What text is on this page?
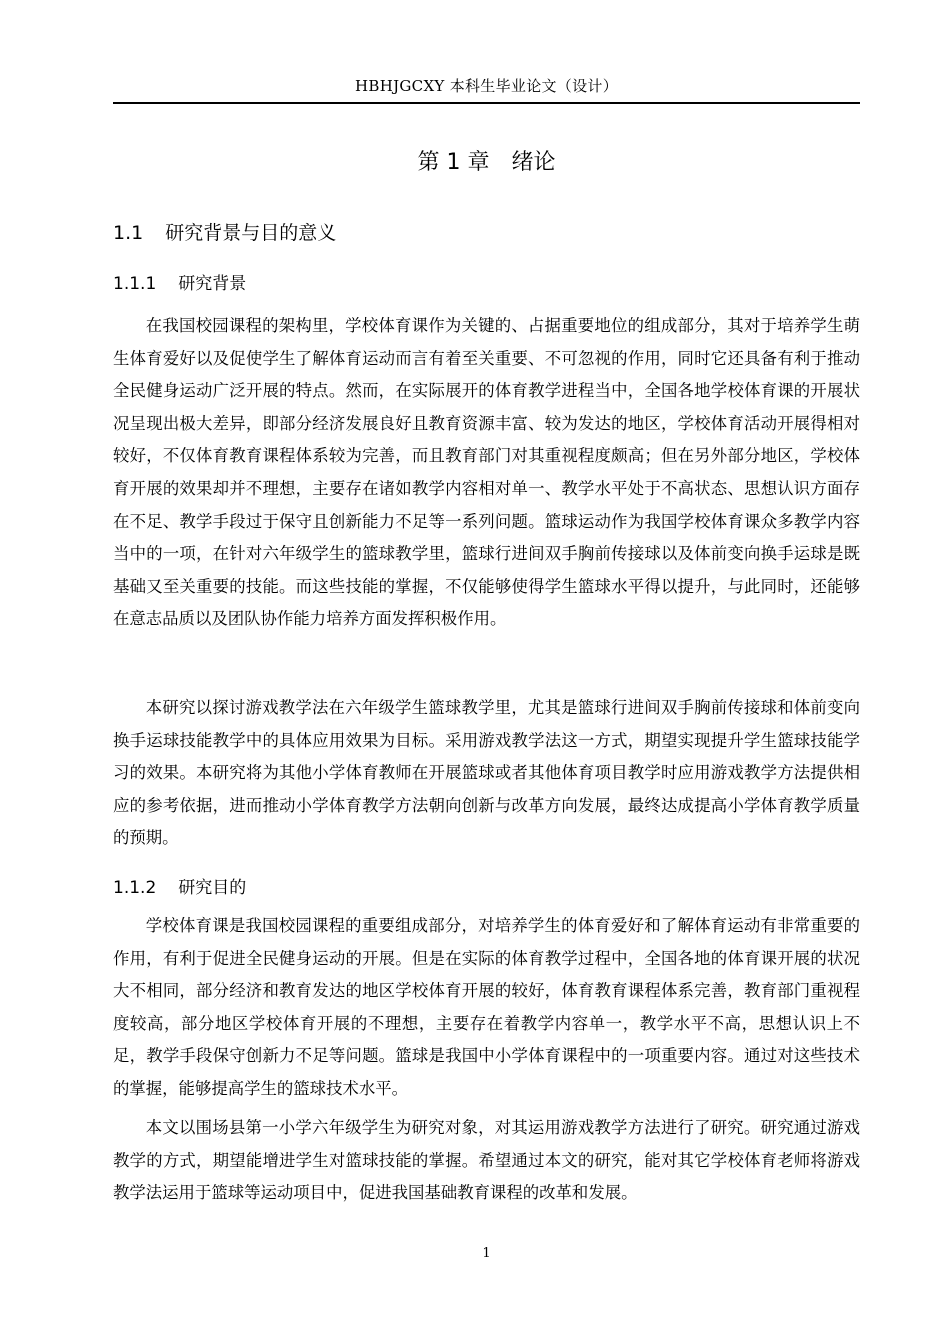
HBHJGCXY 本科生毕业论文（设计）
第 1 章　绪论
1.1 研究背景与目的意义
1.1.1 研究背景

在我国校园课程的架构里，学校体育课作为关键的、占据重要地位的组成部分，其对于培养学生萌生体育爱好以及促使学生了解体育运动而言有着至关重要、不可忽视的作用，同时它还具备有利于推动全民健身运动广泛开展的特点。然而，在实际展开的体育教学进程当中，全国各地学校体育课的开展状况呈现出极大差异，即部分经济发展良好且教育资源丰富、较为发达的地区，学校体育活动开展得相对较好，不仅体育教育课程体系较为完善，而且教育部门对其重视程度颇高；但在另外部分地区，学校体育开展的效果却并不理想，主要存在诸如教学内容相对单一、教学水平处于不高状态、思想认识方面存在不足、教学手段过于保守且创新能力不足等一系列问题。篮球运动作为我国学校体育课众多教学内容当中的一项，在针对六年级学生的篮球教学里，篮球行进间双手胸前传接球以及体前变向换手运球是既基础又至关重要的技能。而这些技能的掌握，不仅能够使得学生篮球水平得以提升，与此同时，还能够在意志品质以及团队协作能力培养方面发挥积极作用。

本研究以探讨游戏教学法在六年级学生篮球教学里，尤其是篮球行进间双手胸前传接球和体前变向换手运球技能教学中的具体应用效果为目标。采用游戏教学法这一方式，期望实现提升学生篮球技能学习的效果。本研究将为其他小学体育教师在开展篮球或者其他体育项目教学时应用游戏教学方法提供相应的参考依据，进而推动小学体育教学方法朝向创新与改革方向发展，最终达成提高小学体育教学质量的预期。

1.1.2 研究目的

学校体育课是我国校园课程的重要组成部分，对培养学生的体育爱好和了解体育运动有非常重要的作用，有利于促进全民健身运动的开展。但是在实际的体育教学过程中，全国各地的体育课开展的状况大不相同，部分经济和教育发达的地区学校体育开展的较好，体育教育课程体系完善，教育部门重视程度较高，部分地区学校体育开展的不理想，主要存在着教学内容单一，教学水平不高，思想认识上不足，教学手段保守创新力不足等问题。篮球是我国中小学体育课程中的一项重要内容。通过对这些技术的掌握，能够提高学生的篮球技术水平。

本文以围场县第一小学六年级学生为研究对象，对其运用游戏教学方法进行了研究。研究通过游戏教学的方式，期望能增进学生对篮球技能的掌握。希望通过本文的研究，能对其它学校体育老师将游戏教学法运用于篮球等运动项目中，促进我国基础教育课程的改革和发展。

1
